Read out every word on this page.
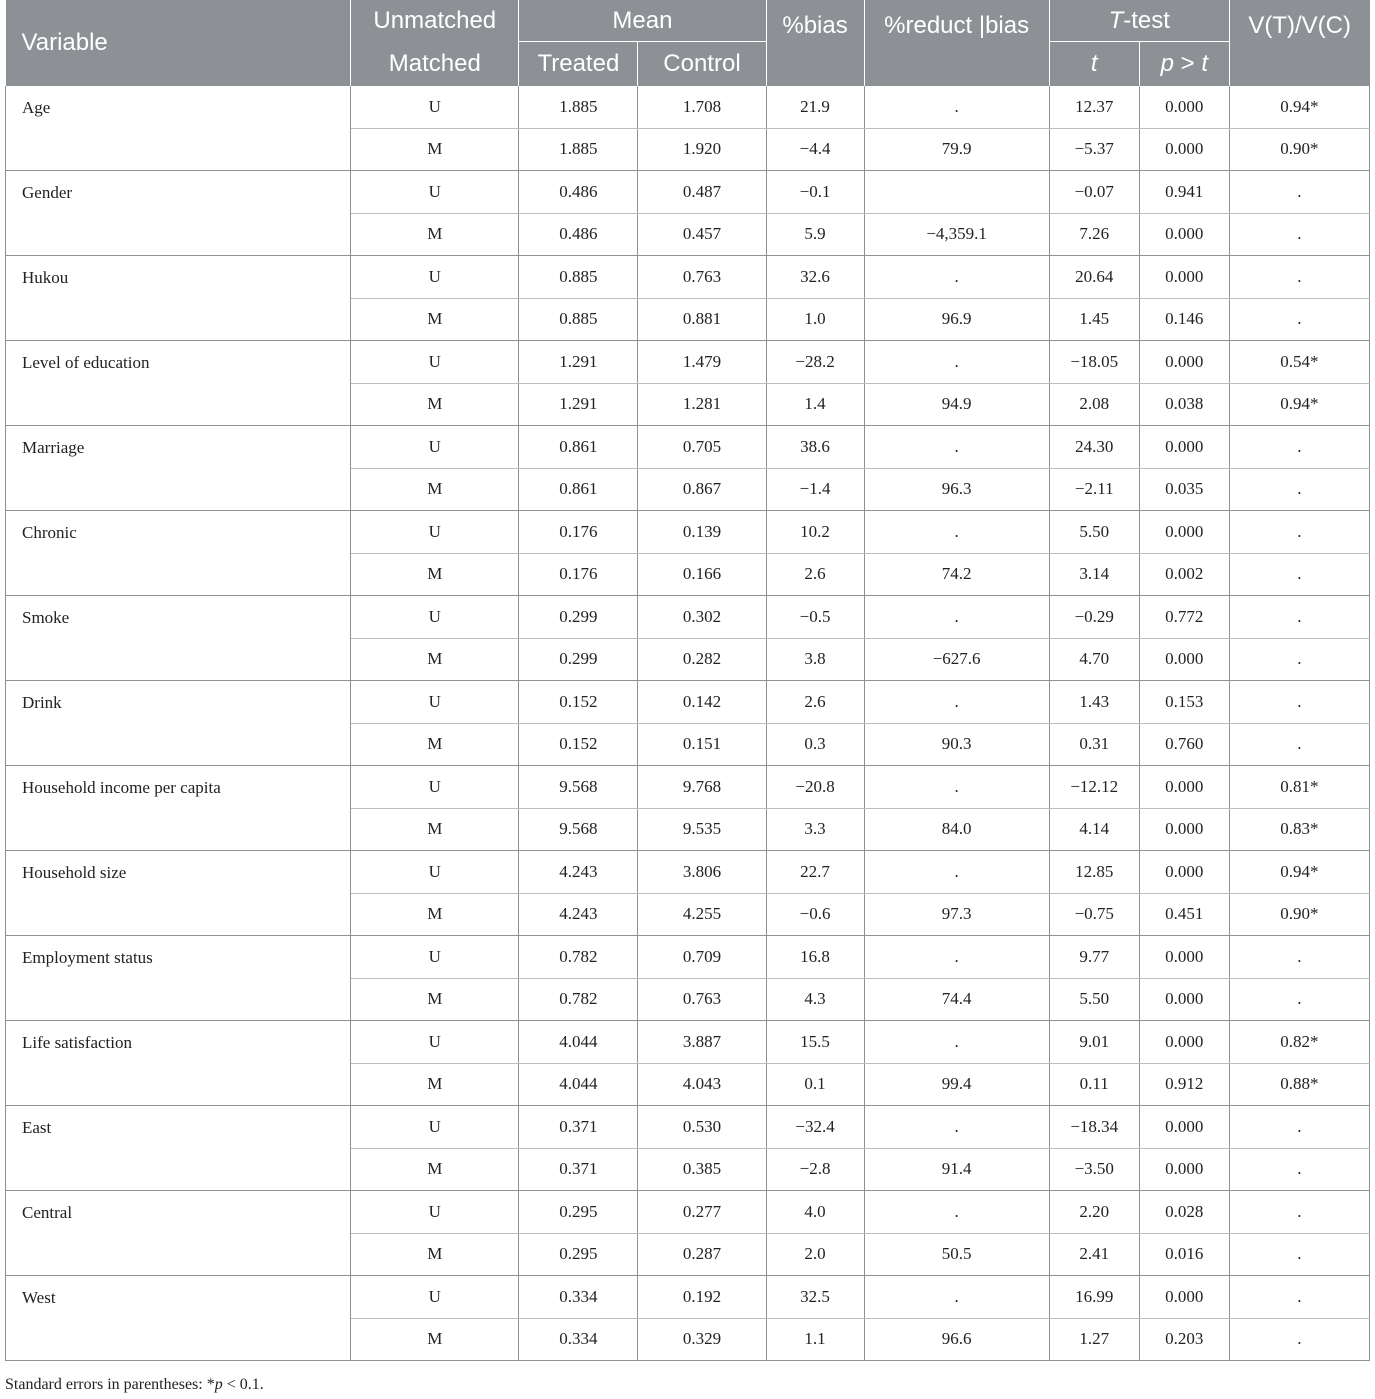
Variable	Unmatched	Mean		%bias	%reduct |bias	T-test		V(T)/V(C)
	Matched	Treated	Control			t	p > t	
Age	U	1.885	1.708	21.9	.	12.37	0.000	0.94*
	M	1.885	1.920	−4.4	79.9	−5.37	0.000	0.90*
Gender	U	0.486	0.487	−0.1		−0.07	0.941	.
	M	0.486	0.457	5.9	−4,359.1	7.26	0.000	.
Hukou	U	0.885	0.763	32.6	.	20.64	0.000	.
	M	0.885	0.881	1.0	96.9	1.45	0.146	.
Level of education	U	1.291	1.479	−28.2	.	−18.05	0.000	0.54*
	M	1.291	1.281	1.4	94.9	2.08	0.038	0.94*
Marriage	U	0.861	0.705	38.6	.	24.30	0.000	.
	M	0.861	0.867	−1.4	96.3	−2.11	0.035	.
Chronic	U	0.176	0.139	10.2	.	5.50	0.000	.
	M	0.176	0.166	2.6	74.2	3.14	0.002	.
Smoke	U	0.299	0.302	−0.5	.	−0.29	0.772	.
	M	0.299	0.282	3.8	−627.6	4.70	0.000	.
Drink	U	0.152	0.142	2.6	.	1.43	0.153	.
	M	0.152	0.151	0.3	90.3	0.31	0.760	.
Household income per capita	U	9.568	9.768	−20.8	.	−12.12	0.000	0.81*
	M	9.568	9.535	3.3	84.0	4.14	0.000	0.83*
Household size	U	4.243	3.806	22.7	.	12.85	0.000	0.94*
	M	4.243	4.255	−0.6	97.3	−0.75	0.451	0.90*
Employment status	U	0.782	0.709	16.8	.	9.77	0.000	.
	M	0.782	0.763	4.3	74.4	5.50	0.000	.
Life satisfaction	U	4.044	3.887	15.5	.	9.01	0.000	0.82*
	M	4.044	4.043	0.1	99.4	0.11	0.912	0.88*
East	U	0.371	0.530	−32.4	.	−18.34	0.000	.
	M	0.371	0.385	−2.8	91.4	−3.50	0.000	.
Central	U	0.295	0.277	4.0	.	2.20	0.028	.
	M	0.295	0.287	2.0	50.5	2.41	0.016	.
West	U	0.334	0.192	32.5	.	16.99	0.000	.
	M	0.334	0.329	1.1	96.6	1.27	0.203	.
Standard errors in parentheses: *p < 0.1.
